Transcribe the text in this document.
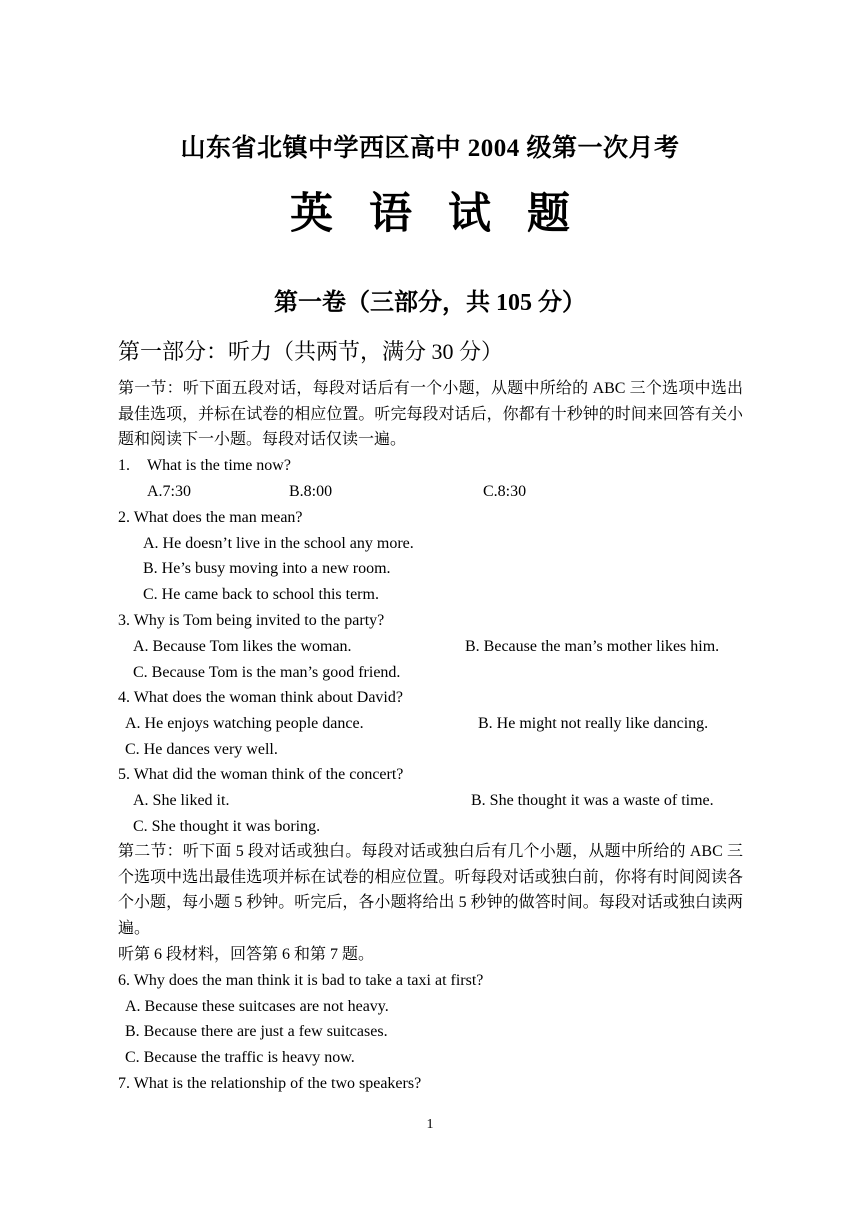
山东省北镇中学西区高中 2004 级第一次月考
英 语 试 题
第一卷（三部分，共 105 分）
第一部分：听力（共两节，满分 30 分）
第一节：听下面五段对话，每段对话后有一个小题，从题中所给的 ABC 三个选项中选出最佳选项，并标在试卷的相应位置。听完每段对话后，你都有十秒钟的时间来回答有关小题和阅读下一小题。每段对话仅读一遍。
1. What is the time now?
A.7:30	B.8:00	C.8:30
2. What does the man mean?
A. He doesn’t live in the school any more.
B. He’s busy moving into a new room.
C. He came back to school this term.
3. Why is Tom being invited to the party?
A. Because Tom likes the woman.	B. Because the man’s mother likes him.
C. Because Tom is the man’s good friend.
4. What does the woman think about David?
A. He enjoys watching people dance.	B. He might not really like dancing.
C. He dances very well.
5. What did the woman think of the concert?
A. She liked it.	B. She thought it was a waste of time.
C. She thought it was boring.
第二节：听下面 5 段对话或独白。每段对话或独白后有几个小题，从题中所给的 ABC 三个选项中选出最佳选项并标在试卷的相应位置。听每段对话或独白前，你将有时间阅读各个小题，每小题 5 秒钟。听完后，各小题将给出 5 秒钟的做答时间。每段对话或独白读两遍。
听第 6 段材料，回答第 6 和第 7 题。
6. Why does the man think it is bad to take a taxi at first?
A. Because these suitcases are not heavy.
B. Because there are just a few suitcases.
C. Because the traffic is heavy now.
7. What is the relationship of the two speakers?
1
